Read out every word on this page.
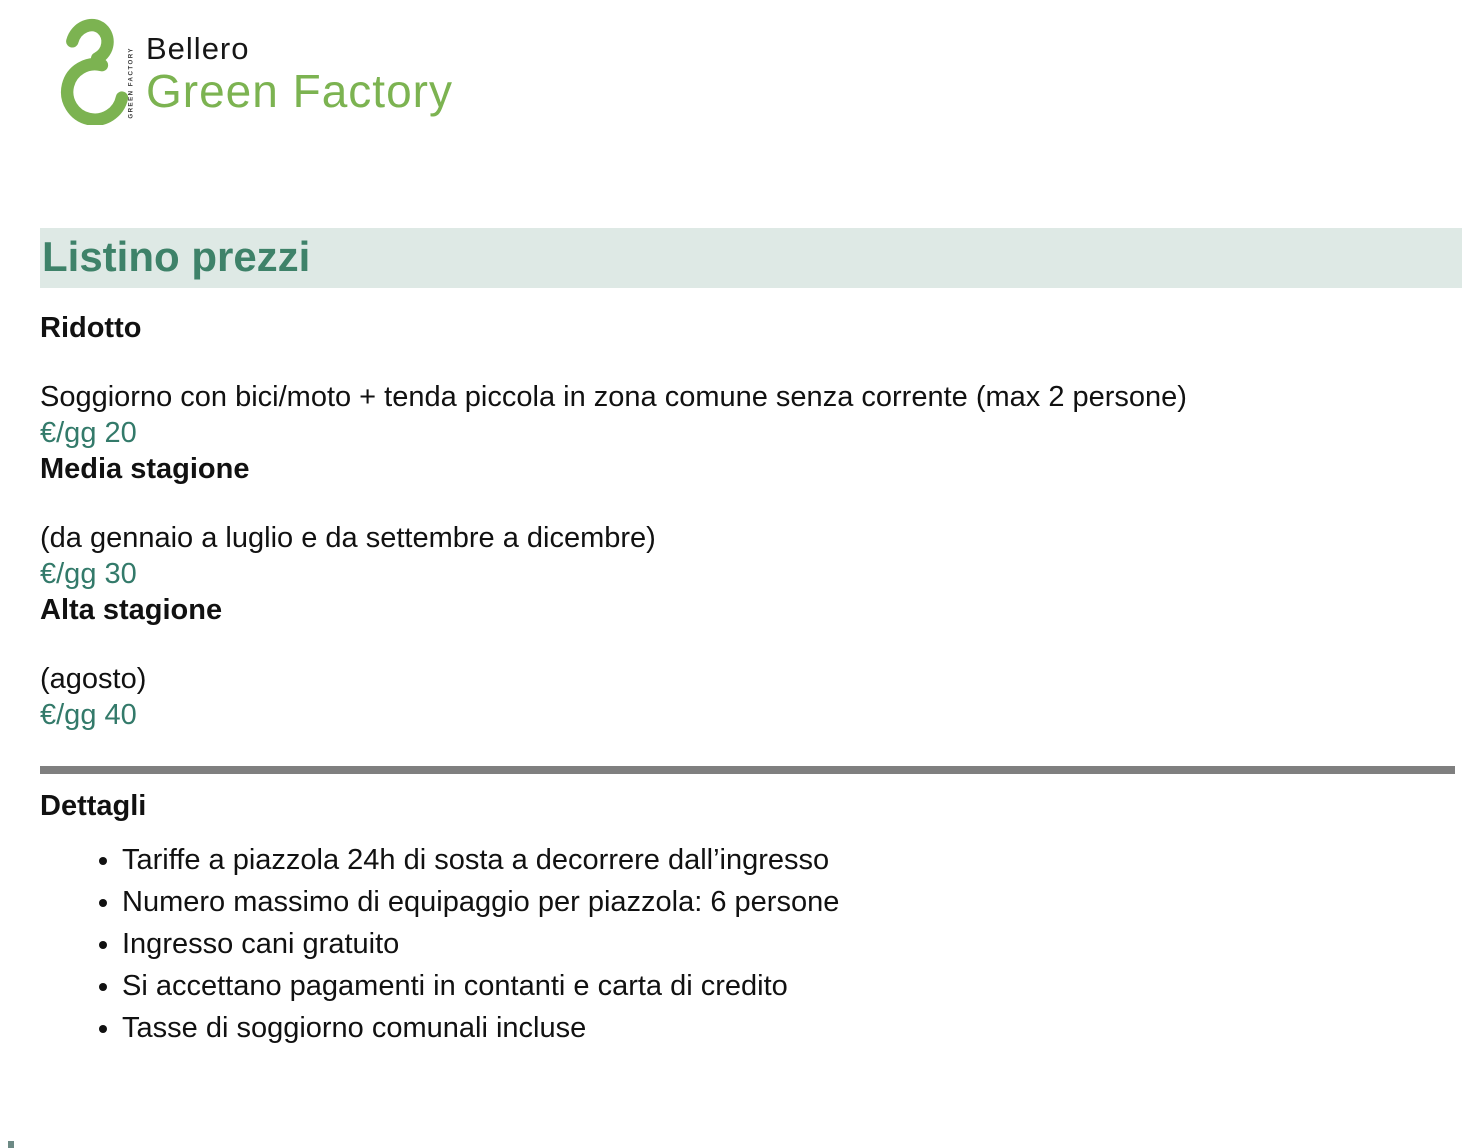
GREEN FACTORY Bellero
Green Factory
Listino prezzi

Ridotto

Soggiorno con bici/moto + tenda piccola in zona comune senza corrente (max 2 persone)
€/gg 20
Media stagione

(da gennaio a luglio e da settembre a dicembre)
€/gg 30
Alta stagione

(agosto)
€/gg 40

Dettagli

• Tariffe a piazzola 24h di sosta a decorrere dall’ingresso
• Numero massimo di equipaggio per piazzola: 6 persone
• Ingresso cani gratuito
• Si accettano pagamenti in contanti e carta di credito
• Tasse di soggiorno comunali incluse
